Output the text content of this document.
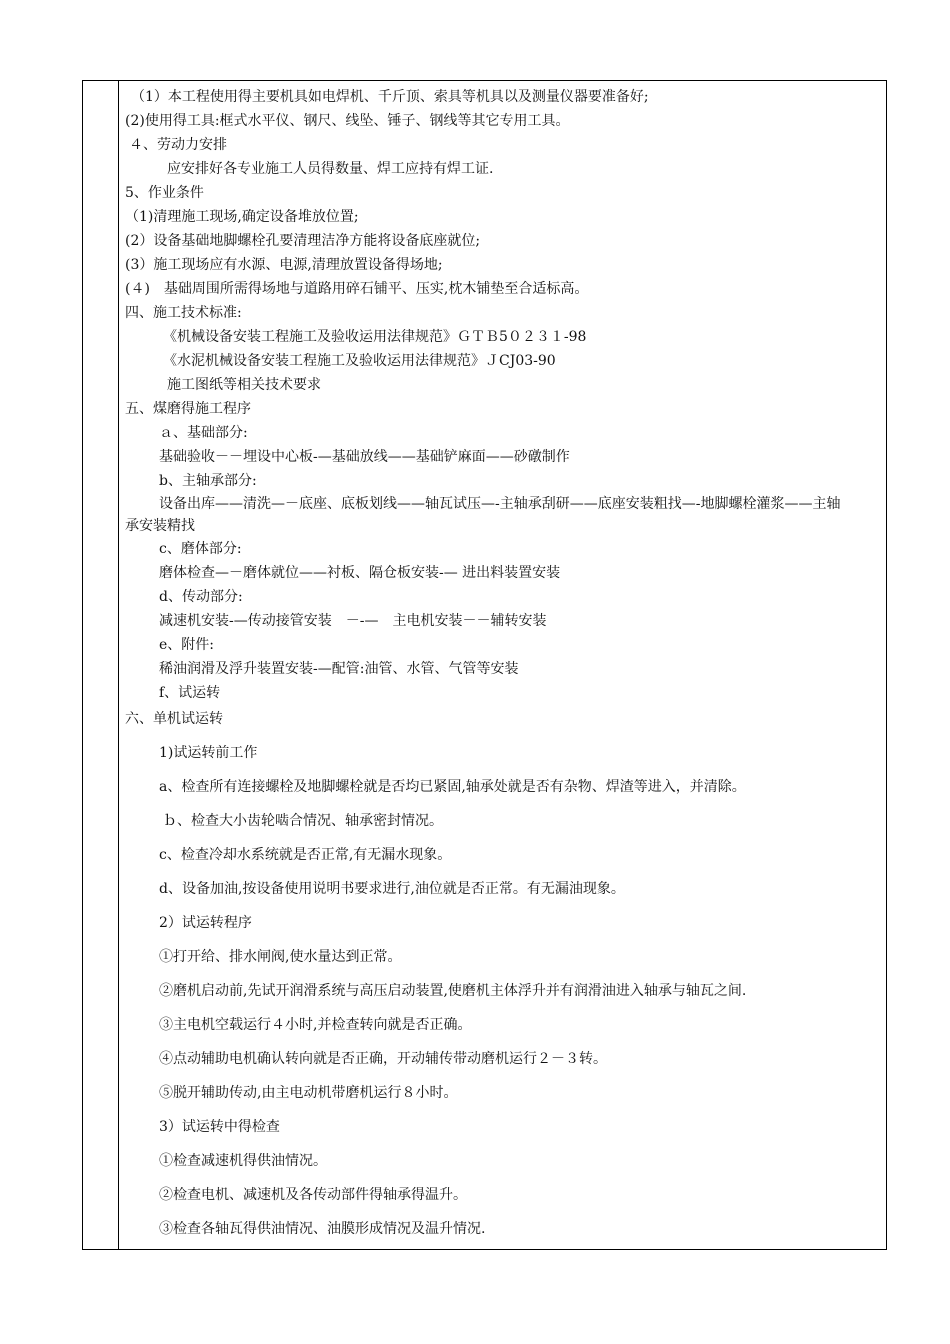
（1）本工程使用得主要机具如电焊机、千斤顶、索具等机具以及测量仪器要准备好;
(2)使用得工具:框式水平仪、钢尺、线坠、锤子、钢线等其它专用工具。
４、劳动力安排
应安排好各专业施工人员得数量、焊工应持有焊工证.
5、作业条件
（1)清理施工现场,确定设备堆放位置;
(2）设备基础地脚螺栓孔要清理洁净方能将设备底座就位;
(3）施工现场应有水源、电源,清理放置设备得场地;
(４)　基础周围所需得场地与道路用碎石铺平、压实,枕木铺垫至合适标高。
四、施工技术标准:
《机械设备安装工程施工及验收运用法律规范》ＧＴＢ5０２３１-98
《水泥机械设备安装工程施工及验收运用法律规范》ＪCJ03-90
施工图纸等相关技术要求
五、煤磨得施工程序
ａ、基础部分:
基础验收－－埋设中心板-—基础放线——基础铲麻面——砂礅制作
b、主轴承部分:
设备出库——清洗—－底座、底板划线——轴瓦试压—-主轴承刮研——底座安装粗找—-地脚螺栓灌浆——主轴承安装精找
c、磨体部分:
磨体检查—－磨体就位——衬板、隔仓板安装-— 进出料装置安装
d、传动部分:
减速机安装-—传动接管安装　－-—　主电机安装－－辅转安装
e、附件:
稀油润滑及浮升装置安装-—配管:油管、水管、气管等安装
f、试运转
六、单机试运转
1)试运转前工作
a、检查所有连接螺栓及地脚螺栓就是否均已紧固,轴承处就是否有杂物、焊渣等进入，并清除。
ｂ、检查大小齿轮啮合情况、轴承密封情况。
c、检查冷却水系统就是否正常,有无漏水现象。
d、设备加油,按设备使用说明书要求进行,油位就是否正常。有无漏油现象。
2）试运转程序
①打开给、排水闸阀,使水量达到正常。
②磨机启动前,先试开润滑系统与高压启动装置,使磨机主体浮升并有润滑油进入轴承与轴瓦之间.
③主电机空载运行４小时,并检查转向就是否正确。
④点动辅助电机确认转向就是否正确，开动辅传带动磨机运行２－３转。
⑤脱开辅助传动,由主电动机带磨机运行８小时。
3）试运转中得检查
①检查减速机得供油情况。
②检查电机、减速机及各传动部件得轴承得温升。
③检查各轴瓦得供油情况、油膜形成情况及温升情况.
